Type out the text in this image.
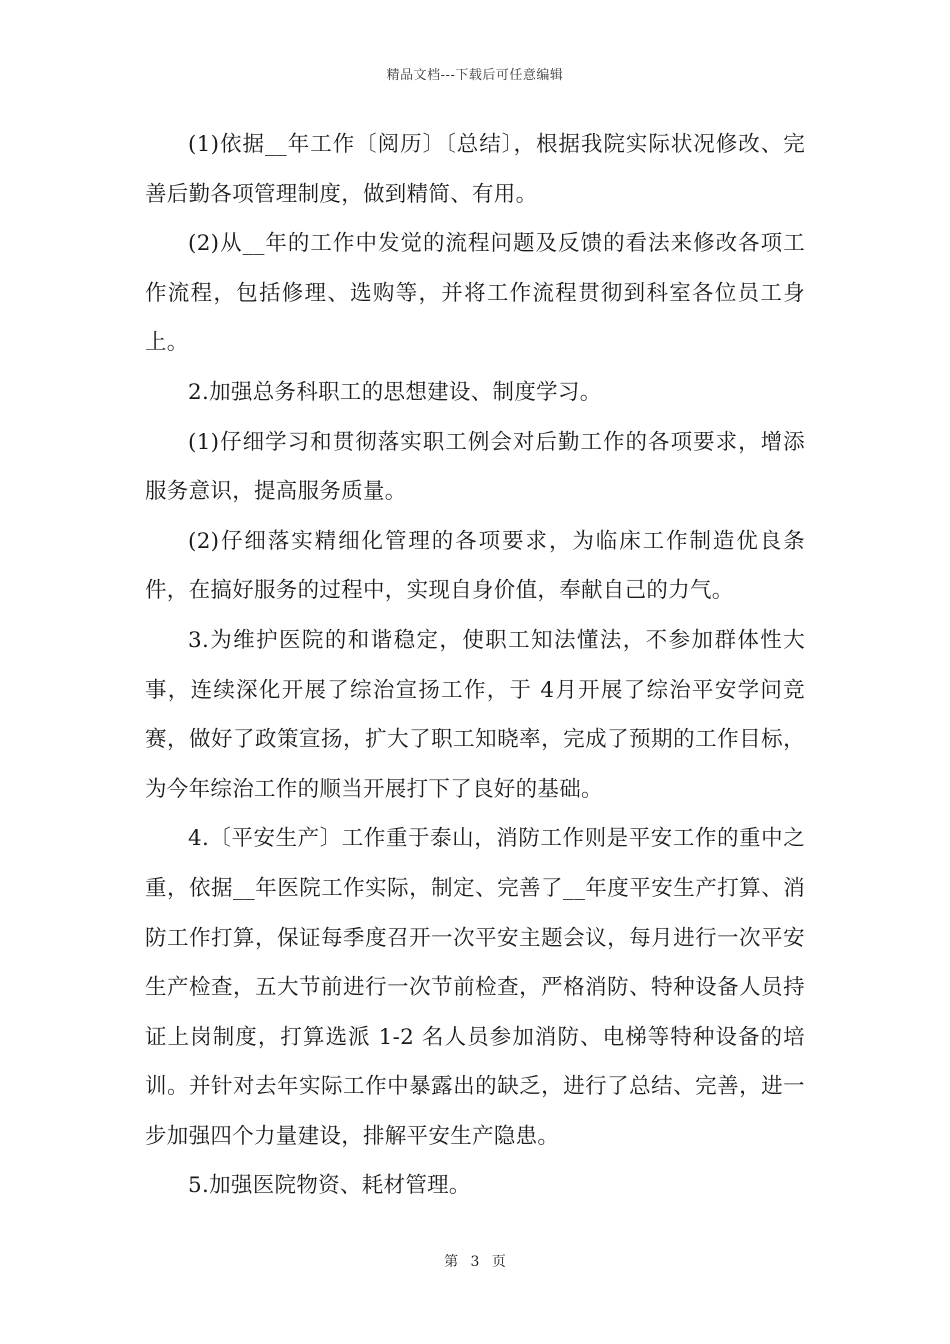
精品文档---下载后可任意编辑

(1)依据__年工作〔阅历〕〔总结〕，根据我院实际状况修改、完善后勤各项管理制度，做到精简、有用。

(2)从__年的工作中发觉的流程问题及反馈的看法来修改各项工作流程，包括修理、选购等，并将工作流程贯彻到科室各位员工身上。

2.加强总务科职工的思想建设、制度学习。

(1)仔细学习和贯彻落实职工例会对后勤工作的各项要求，增添服务意识，提高服务质量。

(2)仔细落实精细化管理的各项要求，为临床工作制造优良条件，在搞好服务的过程中，实现自身价值，奉献自己的力气。

3.为维护医院的和谐稳定，使职工知法懂法，不参加群体性大事，连续深化开展了综治宣扬工作，于 4月开展了综治平安学问竞赛，做好了政策宣扬，扩大了职工知晓率，完成了预期的工作目标，为今年综治工作的顺当开展打下了良好的基础。

4.〔平安生产〕工作重于泰山，消防工作则是平安工作的重中之重，依据__年医院工作实际，制定、完善了__年度平安生产打算、消防工作打算，保证每季度召开一次平安主题会议，每月进行一次平安生产检查，五大节前进行一次节前检查，严格消防、特种设备人员持证上岗制度，打算选派 1-2 名人员参加消防、电梯等特种设备的培训。并针对去年实际工作中暴露出的缺乏，进行了总结、完善，进一步加强四个力量建设，排解平安生产隐患。

5.加强医院物资、耗材管理。

第 3 页
